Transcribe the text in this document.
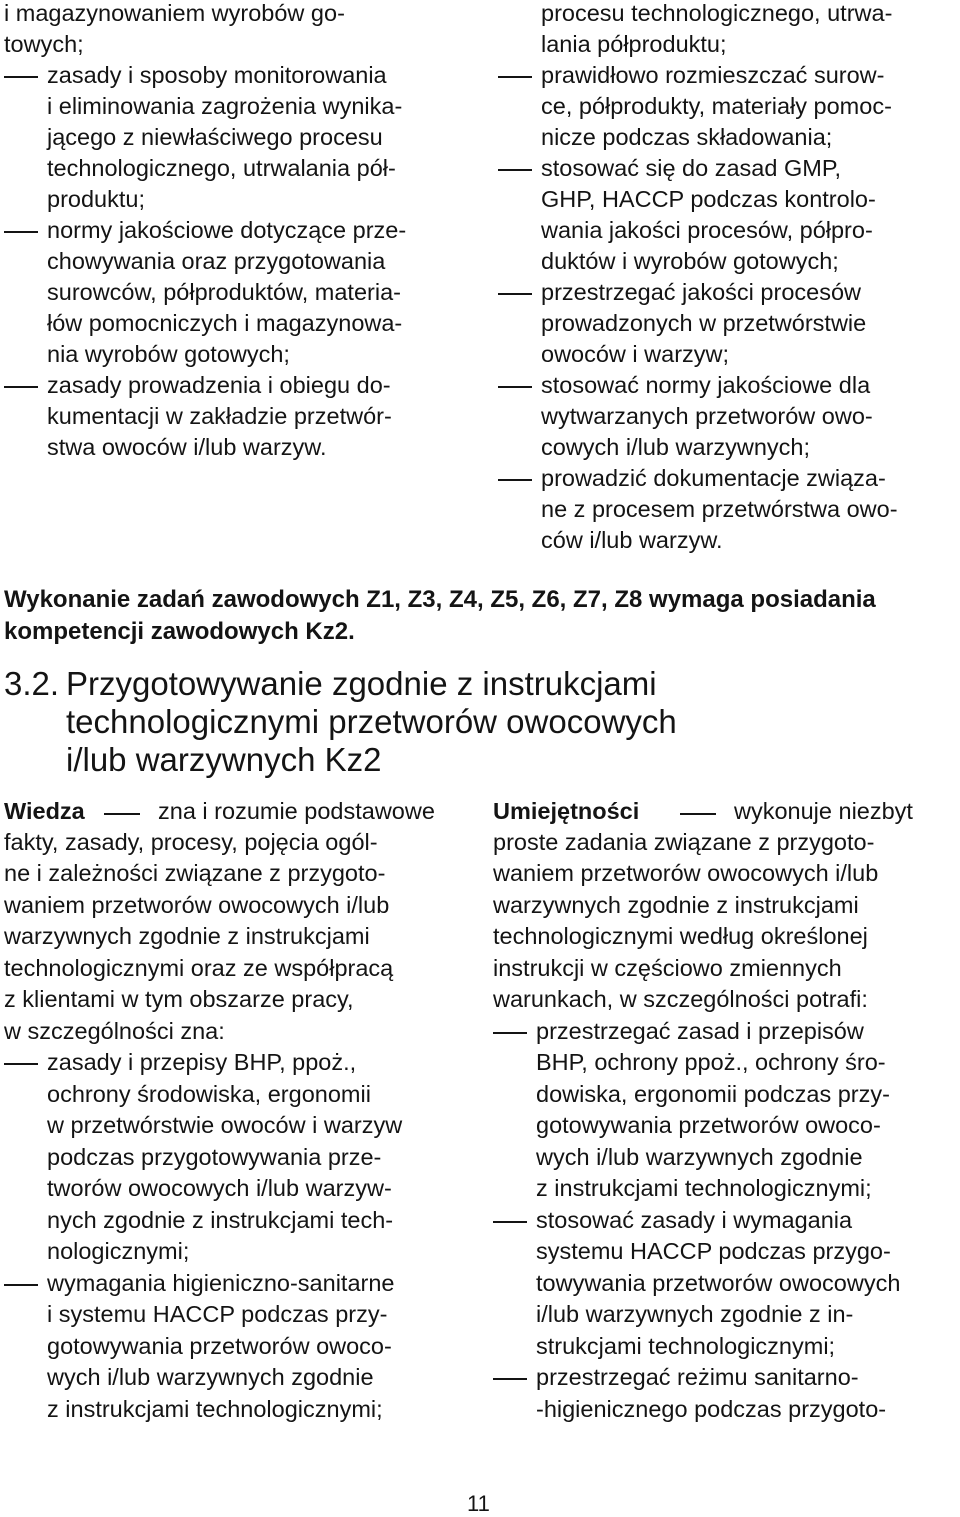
i magazynowaniem wyrobów go-
towych;
zasady i sposoby monitorowania
i eliminowania zagrożenia wynika-
jącego z niewłaściwego procesu
technologicznego, utrwalania pół-
produktu;
normy jakościowe dotyczące prze-
chowywania oraz przygotowania
surowców, półproduktów, materia-
łów pomocniczych i magazynowa-
nia wyrobów gotowych;
zasady prowadzenia i obiegu do-
kumentacji w zakładzie przetwór-
stwa owoców i/lub warzyw.
procesu technologicznego, utrwa-
lania półproduktu;
prawidłowo rozmieszczać surow-
ce, półprodukty, materiały pomoc-
nicze podczas składowania;
stosować się do zasad GMP,
GHP, HACCP podczas kontrolo-
wania jakości procesów, półpro-
duktów i wyrobów gotowych;
przestrzegać jakości procesów
prowadzonych w przetwórstwie
owoców i warzyw;
stosować normy jakościowe dla
wytwarzanych przetworów owo-
cowych i/lub warzywnych;
prowadzić dokumentacje związa-
ne z procesem przetwórstwa owo-
ców i/lub warzyw.
Wykonanie zadań zawodowych Z1, Z3, Z4, Z5, Z6, Z7, Z8 wymaga posiadania
kompetencji zawodowych Kz2.
3.2. Przygotowywanie zgodnie z instrukcjami
technologicznymi przetworów owocowych
i/lub warzywnych Kz2
Wiedza	zna i rozumie podstawowe
fakty, zasady, procesy, pojęcia ogól-
ne i zależności związane z przygoto-
waniem przetworów owocowych i/lub
warzywnych zgodnie z instrukcjami
technologicznymi oraz ze współpracą
z klientami w tym obszarze pracy,
w szczególności zna:
zasady i przepisy BHP, ppoż.,
ochrony środowiska, ergonomii
w przetwórstwie owoców i warzyw
podczas przygotowywania prze-
tworów owocowych i/lub warzyw-
nych zgodnie z instrukcjami tech-
nologicznymi;
wymagania higieniczno-sanitarne
i systemu HACCP podczas przy-
gotowywania przetworów owoco-
wych i/lub warzywnych zgodnie
z instrukcjami technologicznymi;
Umiejętności	wykonuje niezbyt
proste zadania związane z przygoto-
waniem przetworów owocowych i/lub
warzywnych zgodnie z instrukcjami
technologicznymi według określonej
instrukcji w częściowo zmiennych
warunkach, w szczególności potrafi:
przestrzegać zasad i przepisów
BHP, ochrony ppoż., ochrony śro-
dowiska, ergonomii podczas przy-
gotowywania przetworów owoco-
wych i/lub warzywnych zgodnie
z instrukcjami technologicznymi;
stosować zasady i wymagania
systemu HACCP podczas przygo-
towywania przetworów owocowych
i/lub warzywnych zgodnie z in-
strukcjami technologicznymi;
przestrzegać reżimu sanitarno-
-higienicznego podczas przygoto-
11
